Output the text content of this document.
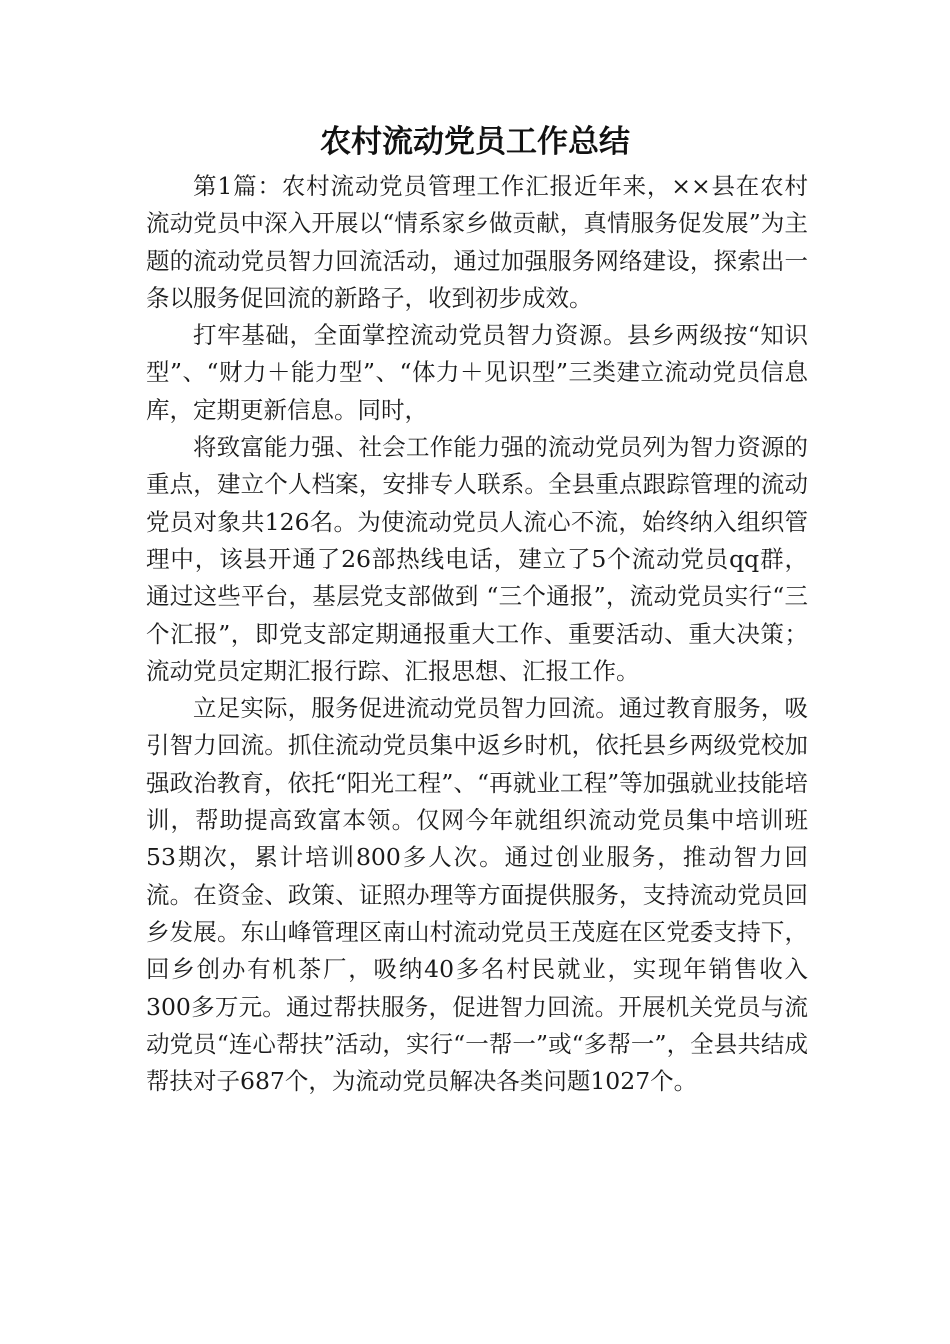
农村流动党员工作总结

第1篇：农村流动党员管理工作汇报近年来，××县在农村流动党员中深入开展以“情系家乡做贡献，真情服务促发展”为主题的流动党员智力回流活动，通过加强服务网络建设，探索出一条以服务促回流的新路子，收到初步成效。

打牢基础，全面掌控流动党员智力资源。县乡两级按“知识型”、“财力＋能力型”、“体力＋见识型”三类建立流动党员信息库，定期更新信息。同时，

将致富能力强、社会工作能力强的流动党员列为智力资源的重点，建立个人档案，安排专人联系。全县重点跟踪管理的流动党员对象共126名。为使流动党员人流心不流，始终纳入组织管理中，该县开通了26部热线电话，建立了5个流动党员qq群，通过这些平台，基层党支部做到 “三个通报”，流动党员实行“三个汇报”，即党支部定期通报重大工作、重要活动、重大决策；流动党员定期汇报行踪、汇报思想、汇报工作。

立足实际，服务促进流动党员智力回流。通过教育服务，吸引智力回流。抓住流动党员集中返乡时机，依托县乡两级党校加强政治教育，依托“阳光工程”、“再就业工程”等加强就业技能培训，帮助提高致富本领。仅网今年就组织流动党员集中培训班53期次，累计培训800多人次。通过创业服务，推动智力回流。在资金、政策、证照办理等方面提供服务，支持流动党员回乡发展。东山峰管理区南山村流动党员王茂庭在区党委支持下，回乡创办有机茶厂，吸纳40多名村民就业，实现年销售收入300多万元。通过帮扶服务，促进智力回流。开展机关党员与流动党员“连心帮扶”活动，实行“一帮一”或“多帮一”，全县共结成帮扶对子687个，为流动党员解决各类问题1027个。
